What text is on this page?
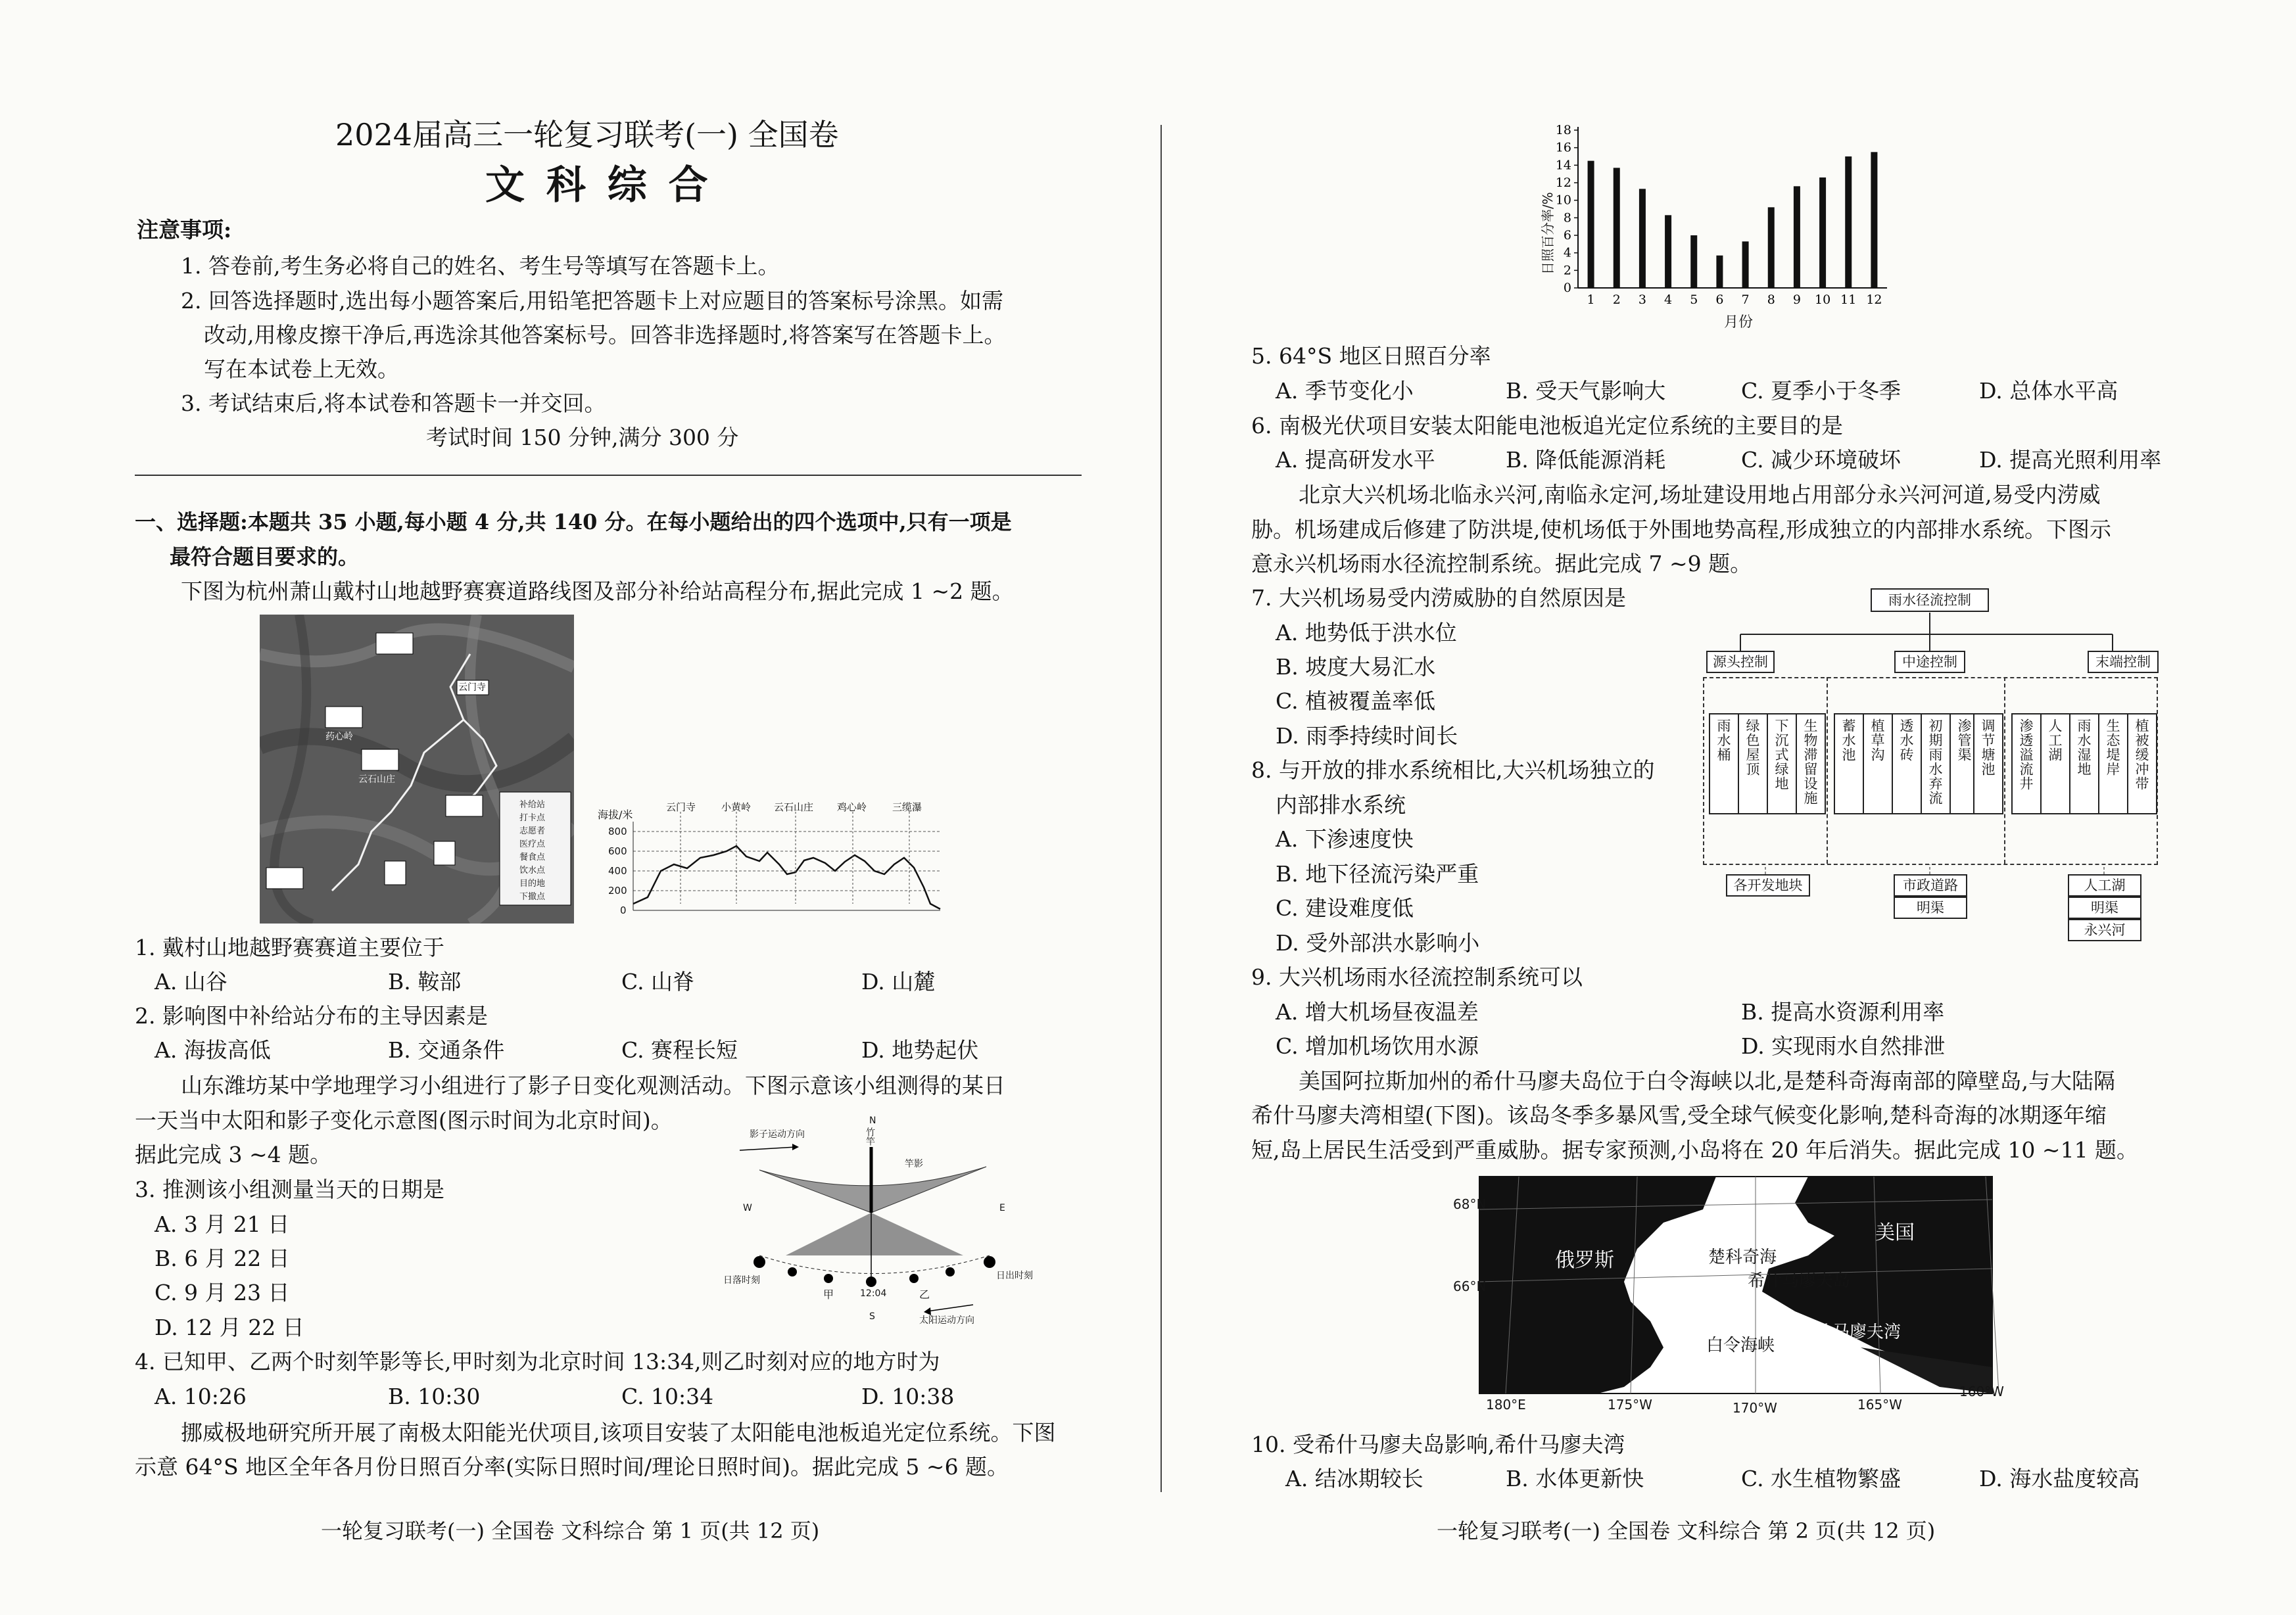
2024届高三一轮复习联考(一) 全国卷
文 科 综 合
注意事项:
1. 答卷前,考生务必将自己的姓名、考生号等填写在答题卡上。
2. 回答选择题时,选出每小题答案后,用铅笔把答题卡上对应题目的答案标号涂黑。如需
改动,用橡皮擦干净后,再选涂其他答案标号。回答非选择题时,将答案写在答题卡上。
写在本试卷上无效。
3. 考试结束后,将本试卷和答题卡一并交回。
考试时间 150 分钟,满分 300 分
一、选择题:本题共 35 小题,每小题 4 分,共 140 分。在每小题给出的四个选项中,只有一项是
最符合题目要求的。
下图为杭州萧山戴村山地越野赛赛道路线图及部分补给站高程分布,据此完成 1 ~2 题。
云门寺
药心岭
云石山庄
补给站
打卡点
志愿者
医疗点
餐食点
饮水点
目的地
下撤点
海拔/米
800
600
400
200
0
云门寺	小黄岭 云石山庄 鸡心岭	三缆瀑
1. 戴村山地越野赛赛道主要位于
A. 山谷	B. 鞍部	C. 山脊	D. 山麓
2. 影响图中补给站分布的主导因素是
A. 海拔高低	B. 交通条件	C. 赛程长短	D. 地势起伏
山东潍坊某中学地理学习小组进行了影子日变化观测活动。下图示意该小组测得的某日
一天当中太阳和影子变化示意图(图示时间为北京时间)。
据此完成 3 ~4 题。
影子运动方向	竹竿
竿影
N
W	E
S
日落时刻	日出时刻
甲	12:04	乙
太阳运动方向
3. 推测该小组测量当天的日期是
A. 3 月 21 日
B. 6 月 22 日
C. 9 月 23 日
D. 12 月 22 日
4. 已知甲、乙两个时刻竿影等长,甲时刻为北京时间 13:34,则乙时刻对应的地方时为
A. 10:26	B. 10:30	C. 10:34	D. 10:38
挪威极地研究所开展了南极太阳能光伏项目,该项目安装了太阳能电池板追光定位系统。下图
示意 64°S 地区全年各月份日照百分率(实际日照时间/理论日照时间)。据此完成 5 ~6 题。
一轮复习联考(一) 全国卷 文科综合 第 1 页(共 12 页)
0
2
4
6
8
10
12
14
16
18
1 2 3 4 5 6 7 8 9 10 11 12
日照百分率/%
月份
5. 64°S 地区日照百分率
A. 季节变化小	B. 受天气影响大	C. 夏季小于冬季	D. 总体水平高
6. 南极光伏项目安装太阳能电池板追光定位系统的主要目的是
A. 提高研发水平	B. 降低能源消耗	C. 减少环境破坏	D. 提高光照利用率
北京大兴机场北临永兴河,南临永定河,场址建设用地占用部分永兴河河道,易受内涝威
胁。机场建成后修建了防洪堤,使机场低于外围地势高程,形成独立的内部排水系统。下图示
意永兴机场雨水径流控制系统。据此完成 7 ~9 题。
7. 大兴机场易受内涝威胁的自然原因是
A. 地势低于洪水位
B. 坡度大易汇水
C. 植被覆盖率低
D. 雨季持续时间长
8. 与开放的排水系统相比,大兴机场独立的
内部排水系统
A. 下渗速度快
B. 地下径流污染严重
C. 建设难度低
D. 受外部洪水影响小
雨水径流控制
源头控制	中途控制	末端控制
雨水桶 绿色屋顶 下沉式绿地 生物滞留设施 蓄水池 植草沟 透水砖 初期雨水弃流 渗管渠 调节塘池 渗透溢流井 人工湖 雨水湿地 生态堤岸 植被缓冲带
各开发地块	市政道路
明渠
人工湖
明渠
永兴河
9. 大兴机场雨水径流控制系统可以
A. 增大机场昼夜温差	B. 提高水资源利用率
C. 增加机场饮用水源	D. 实现雨水自然排泄
美国阿拉斯加州的希什马廖夫岛位于白令海峡以北,是楚科奇海南部的障壁岛,与大陆隔
希什马廖夫湾相望(下图)。该岛冬季多暴风雪,受全球气候变化影响,楚科奇海的冰期逐年缩
短,岛上居民生活受到严重威胁。据专家预测,小岛将在 20 年后消失。据此完成 10 ~11 题。
68°N
66°N
俄罗斯
美国
楚科奇海
希什马廖夫岛
希什马廖夫湾
白令海峡
180°E	175°W	170°W	165°W
160°W
10. 受希什马廖夫岛影响,希什马廖夫湾
A. 结冰期较长	B. 水体更新快	C. 水生植物繁盛	D. 海水盐度较高
一轮复习联考(一) 全国卷 文科综合 第 2 页(共 12 页)
